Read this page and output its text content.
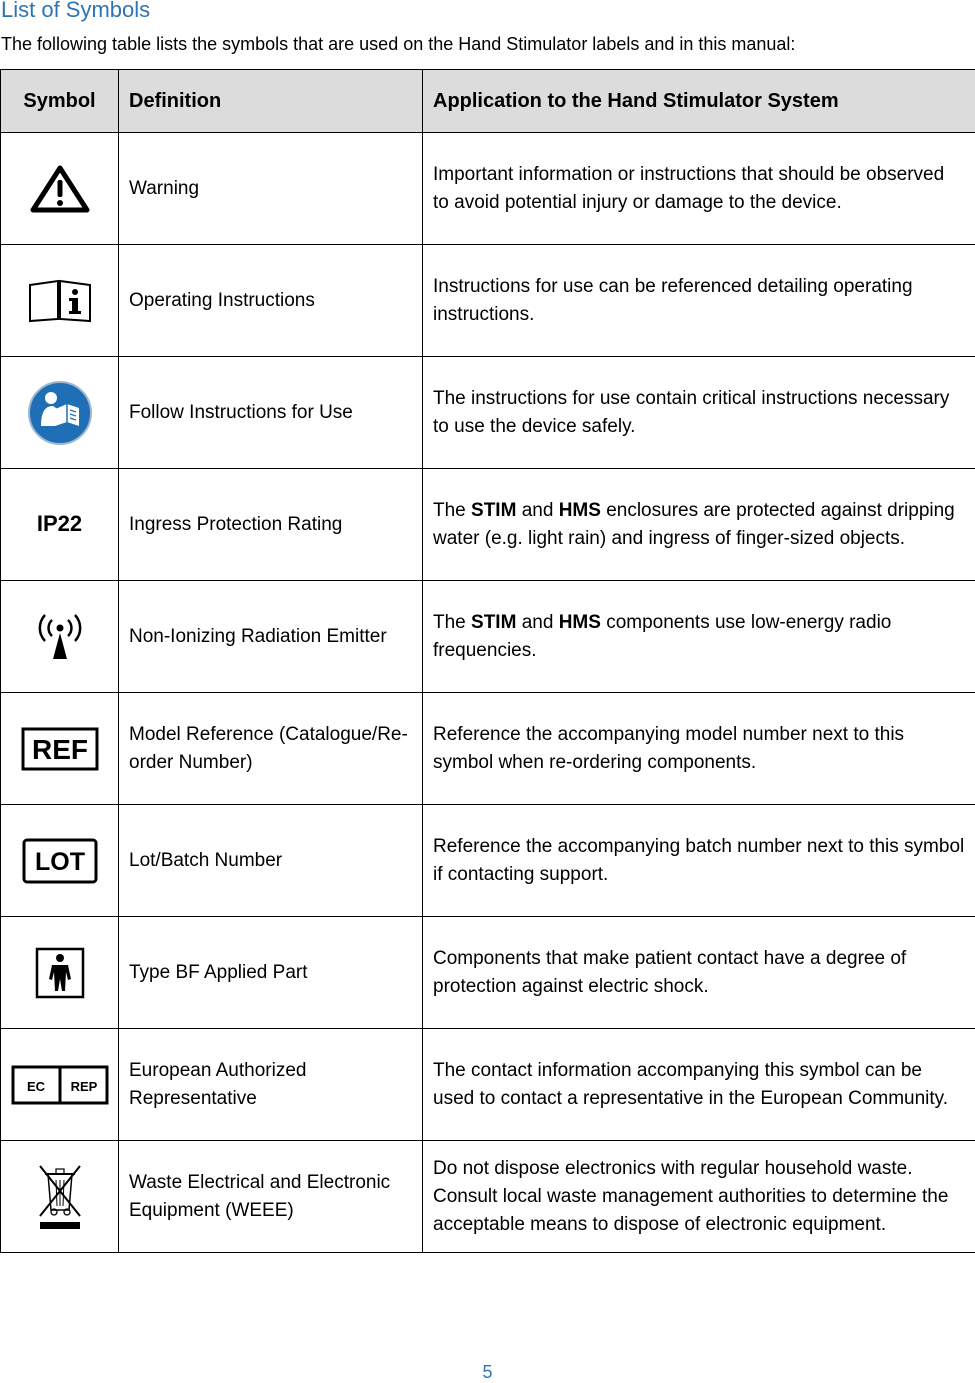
List of Symbols

The following table lists the symbols that are used on the Hand Stimulator labels and in this manual:

Symbol	Definition	Application to the Hand Stimulator System
	Warning	Important information or instructions that should be observed to avoid potential injury or damage to the device.
	Operating Instructions	Instructions for use can be referenced detailing operating instructions.
	Follow Instructions for Use	The instructions for use contain critical instructions necessary to use the device safely.
IP22	Ingress Protection Rating	The STIM and HMS enclosures are protected against dripping water (e.g. light rain) and ingress of finger-sized objects.
	Non-Ionizing Radiation Emitter	The STIM and HMS components use low-energy radio frequencies.

REF	Model Reference (Catalogue/Re-order Number)	Reference the accompanying model number next to this symbol when re-ordering components.

LOT	Lot/Batch Number	Reference the accompanying batch number next to this symbol if contacting support.
	Type BF Applied Part	Components that make patient contact have a degree of protection against electric shock.

EC REP	European Authorized Representative	The contact information accompanying this symbol can be used to contact a representative in the European Community.
	Waste Electrical and Electronic Equipment (WEEE)	Do not dispose electronics with regular household waste. Consult local waste management authorities to determine the acceptable means to dispose of electronic equipment.
5
